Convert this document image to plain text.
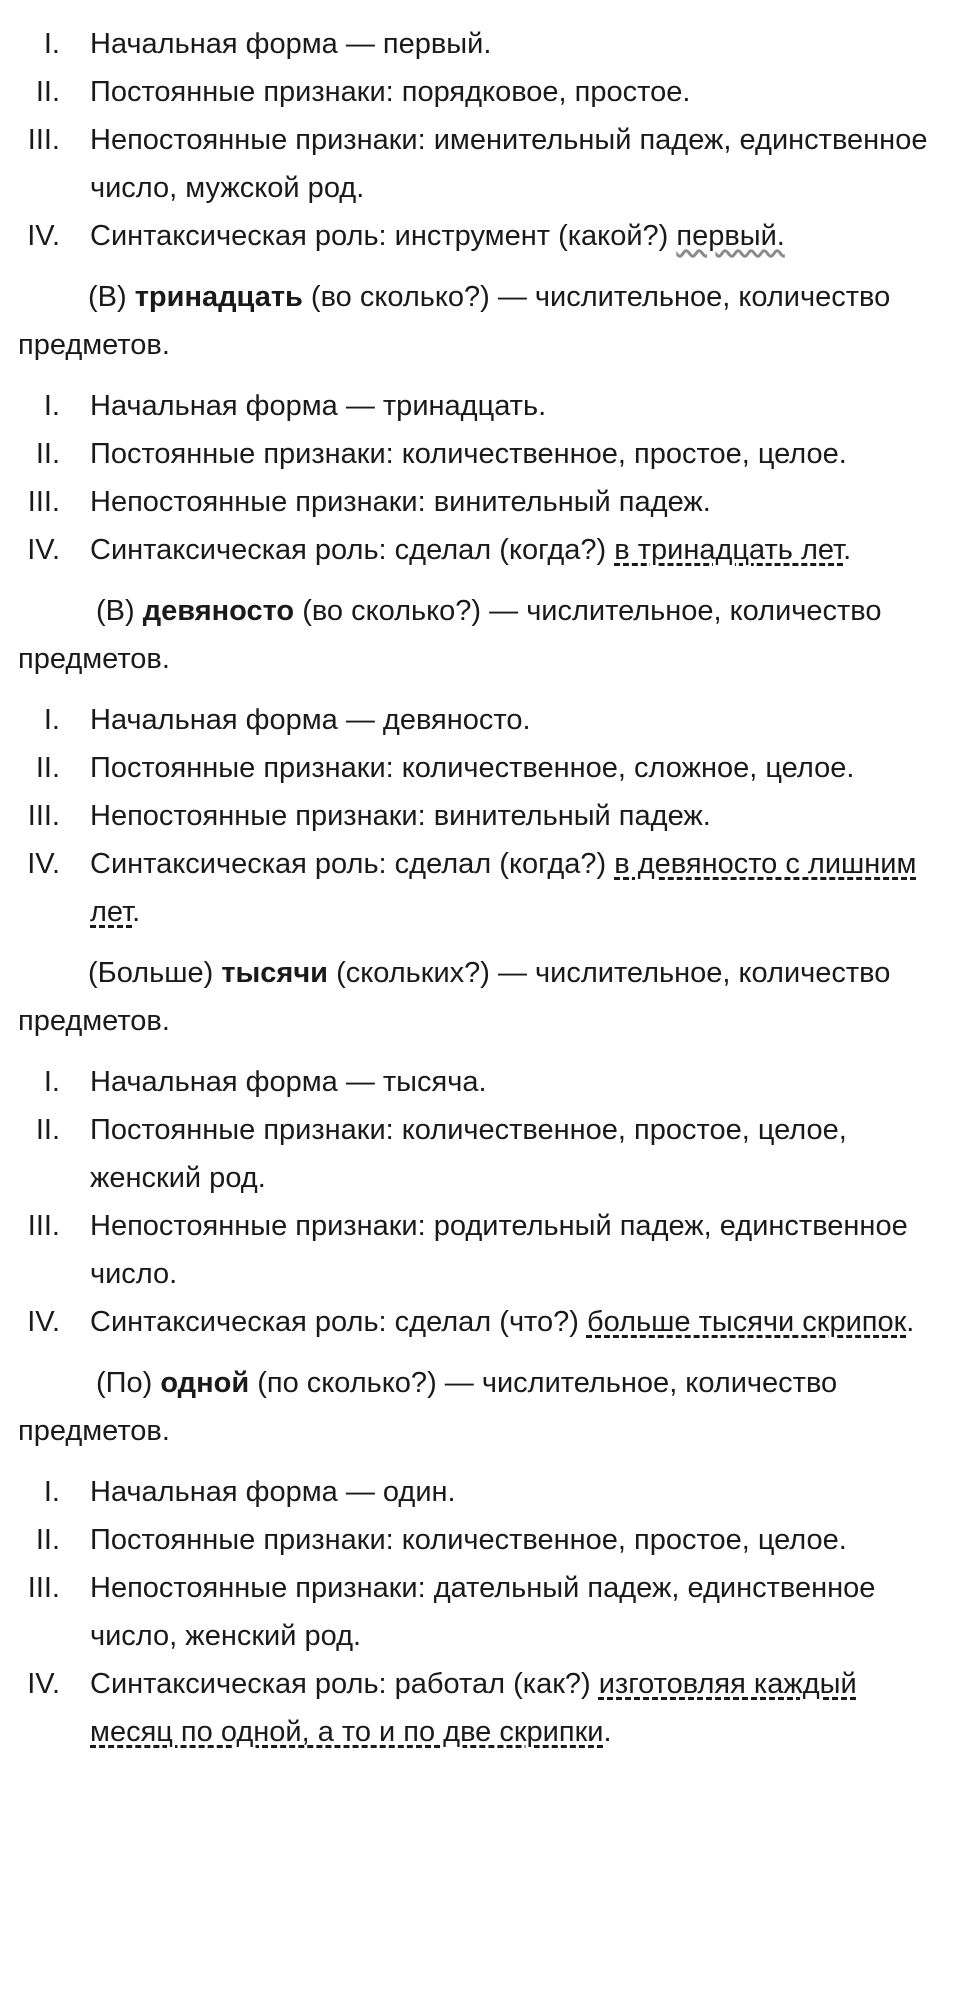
I. Начальная форма — первый.
II. Постоянные признаки: порядковое, простое.
III. Непостоянные признаки: именительный падеж, единственное число, мужской род.
IV. Синтаксическая роль: инструмент (какой?) первый.

(В) тринадцать (во сколько?) — числительное, количество предметов.

I. Начальная форма — тринадцать.
II. Постоянные признаки: количественное, простое, целое.
III. Непостоянные признаки: винительный падеж.
IV. Синтаксическая роль: сделал (когда?) в тринадцать лет.

(В) девяносто (во сколько?) — числительное, количество предметов.

I. Начальная форма — девяносто.
II. Постоянные признаки: количественное, сложное, целое.
III. Непостоянные признаки: винительный падеж.
IV. Синтаксическая роль: сделал (когда?) в девяносто с лишним лет.

(Больше) тысячи (скольких?) — числительное, количество предметов.

I. Начальная форма — тысяча.
II. Постоянные признаки: количественное, простое, целое, женский род.
III. Непостоянные признаки: родительный падеж, единственное число.
IV. Синтаксическая роль: сделал (что?) больше тысячи скрипок.

(По) одной (по сколько?) — числительное, количество предметов.

I. Начальная форма — один.
II. Постоянные признаки: количественное, простое, целое.
III. Непостоянные признаки: дательный падеж, единственное число, женский род.
IV. Синтаксическая роль: работал (как?) изготовляя каждый месяц по одной, а то и по две скрипки.
